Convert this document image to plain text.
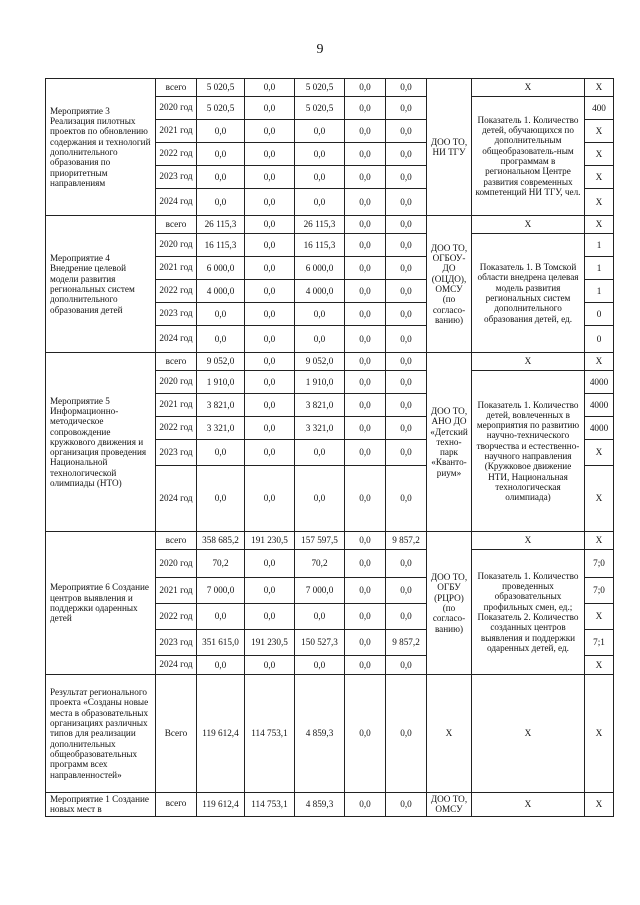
9
Мероприятие 3 Реализация пилотных проектов по обновлению содержания и технологий дополнительного образования по приоритетным направлениям	всего	5 020,5	0,0	5 020,5	0,0	0,0	ДОО ТО, НИ ТГУ	Х	Х
	2020 год	5 020,5	0,0	5 020,5	0,0	0,0		Показатель 1. Количество детей, обучающихся по дополнительным общеобразователь-ным программам в региональном Центре развития современных компетенций НИ ТГУ, чел.	400
	2021 год	0,0	0,0	0,0	0,0	0,0			Х
	2022 год	0,0	0,0	0,0	0,0	0,0			Х
	2023 год	0,0	0,0	0,0	0,0	0,0			Х
	2024 год	0,0	0,0	0,0	0,0	0,0			Х
Мероприятие 4 Внедрение целевой модели развития региональных систем дополнительного образования детей	всего	26 115,3	0,0	26 115,3	0,0	0,0	ДОО ТО, ОГБОУ-ДО (ОЦДО), ОМСУ (по согласо-ванию)	Х	Х
	2020 год	16 115,3	0,0	16 115,3	0,0	0,0		Показатель 1. В Томской области внедрена целевая модель развития региональных систем дополнительного образования детей, ед.	1
	2021 год	6 000,0	0,0	6 000,0	0,0	0,0			1
	2022 год	4 000,0	0,0	4 000,0	0,0	0,0			1
	2023 год	0,0	0,0	0,0	0,0	0,0			0
	2024 год	0,0	0,0	0,0	0,0	0,0			0
Мероприятие 5 Информационно-методическое сопровождение кружкового движения и организация проведения Национальной технологической олимпиады (НТО)	всего	9 052,0	0,0	9 052,0	0,0	0,0	ДОО ТО, АНО ДО «Детский техно-парк «Кванто-риум»	Х	Х
	2020 год	1 910,0	0,0	1 910,0	0,0	0,0		Показатель 1. Количество детей, вовлеченных в мероприятия по развитию научно-технического творчества и естественно-научного направления (Кружковое движение НТИ, Национальная технологическая олимпиада)	4000
	2021 год	3 821,0	0,0	3 821,0	0,0	0,0			4000
	2022 год	3 321,0	0,0	3 321,0	0,0	0,0			4000
	2023 год	0,0	0,0	0,0	0,0	0,0			Х
	2024 год	0,0	0,0	0,0	0,0	0,0			Х
Мероприятие 6 Создание центров выявления и поддержки одаренных детей	всего	358 685,2	191 230,5	157 597,5	0,0	9 857,2	ДОО ТО, ОГБУ (РЦРО) (по согласо-ванию)	Х	Х
	2020 год	70,2	0,0	70,2	0,0	0,0		Показатель 1. Количество проведенных образовательных профильных смен, ед.; Показатель 2. Количество созданных центров выявления и поддержки одаренных детей, ед.	7;0
	2021 год	7 000,0	0,0	7 000,0	0,0	0,0			7;0
	2022 год	0,0	0,0	0,0	0,0	0,0			Х
	2023 год	351 615,0	191 230,5	150 527,3	0,0	9 857,2			7;1
	2024 год	0,0	0,0	0,0	0,0	0,0			Х
Результат регионального проекта «Созданы новые места в образовательных организациях различных типов для реализации дополнительных общеобразовательных программ всех направленностей»	Всего	119 612,4	114 753,1	4 859,3	0,0	0,0	Х	Х	Х
Мероприятие 1 Создание новых мест в	всего	119 612,4	114 753,1	4 859,3	0,0	0,0	ДОО ТО, ОМСУ	Х	Х
